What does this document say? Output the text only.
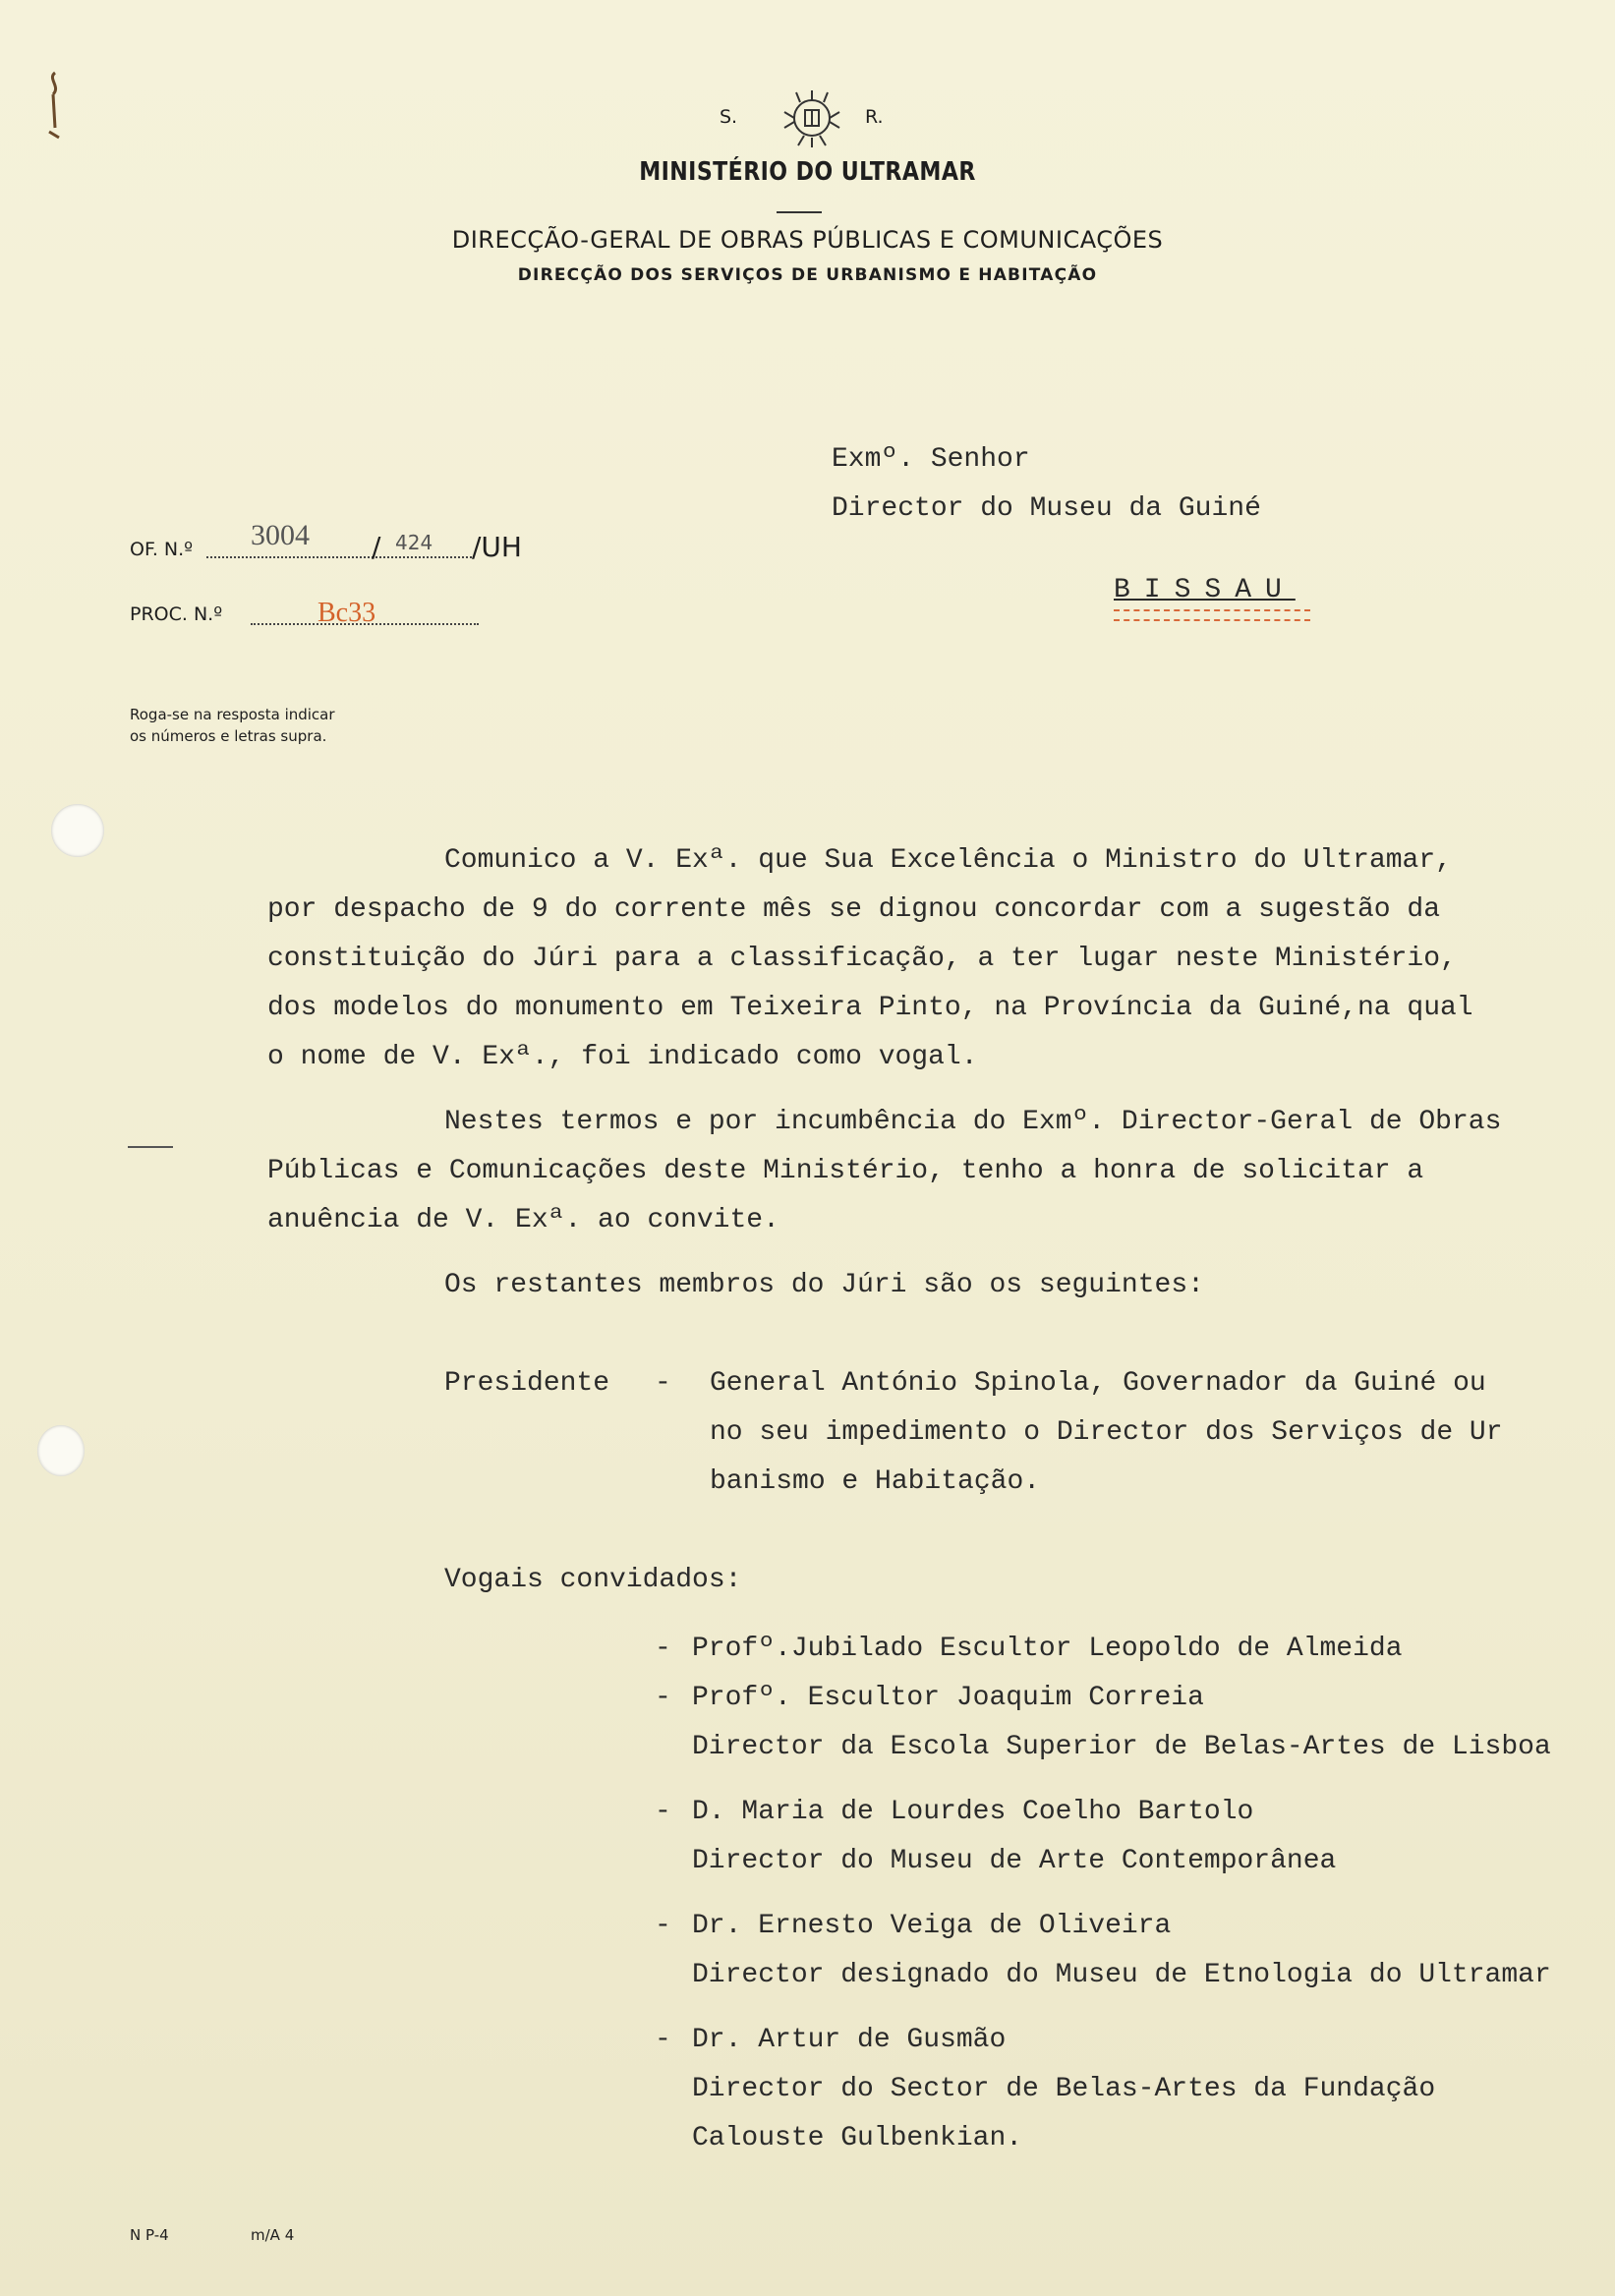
S.	R.
MINISTÉRIO DO ULTRAMAR
DIRECÇÃO-GERAL DE OBRAS PÚBLICAS E COMUNICAÇÕES
DIRECÇÃO DOS SERVIÇOS DE URBANISMO E HABITAÇÃO
OF. N.º 3004 / 424 /UH
PROC. N.º	Bc33
Roga-se na resposta indicar os números e letras supra.
Exmº. Senhor
Director do Museu da Guiné
BISSAU
Comunico a V. Exª. que Sua Excelência o Ministro do Ultramar,
por despacho de 9 do corrente mês se dignou concordar com a sugestão da
constituição do Júri para a classificação, a ter lugar neste Ministério,
dos modelos do monumento em Teixeira Pinto, na Província da Guiné,na qual
o nome de V. Exª., foi indicado como vogal.
Nestes termos e por incumbência do Exmº. Director-Geral de Obras
Públicas e Comunicações deste Ministério, tenho a honra de solicitar a
anuência de V. Exª. ao convite.
Os restantes membros do Júri são os seguintes:
Presidente - General António Spinola, Governador da Guiné ou
no seu impedimento o Director dos Serviços de Ur
banismo e Habitação.
Vogais convidados:
- Profº.Jubilado Escultor Leopoldo de Almeida
- Profº. Escultor Joaquim Correia
Director da Escola Superior de Belas-Artes de Lisboa
- D. Maria de Lourdes Coelho Bartolo
Director do Museu de Arte Contemporânea
- Dr. Ernesto Veiga de Oliveira
Director designado do Museu de Etnologia do Ultramar
- Dr. Artur de Gusmão
Director do Sector de Belas-Artes da Fundação
Calouste Gulbenkian.
N P-4	m/A 4
